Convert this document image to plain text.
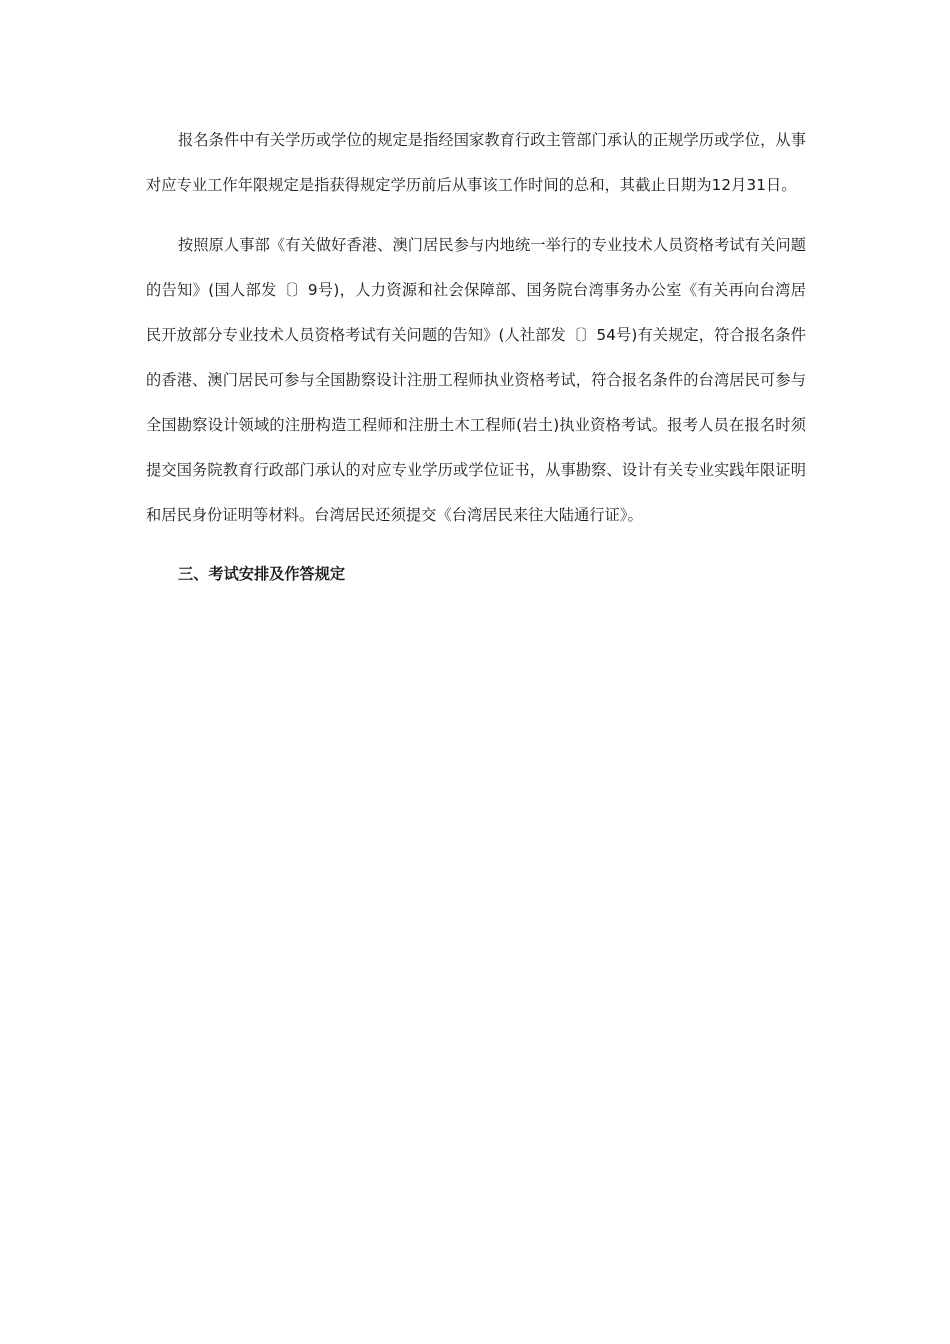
报名条件中有关学历或学位的规定是指经国家教育行政主管部门承认的正规学历或学位，从事对应专业工作年限规定是指获得规定学历前后从事该工作时间的总和，其截止日期为12月31日。

按照原人事部《有关做好香港、澳门居民参与内地统一举行的专业技术人员资格考试有关问题的告知》(国人部发〔〕9号)，人力资源和社会保障部、国务院台湾事务办公室《有关再向台湾居民开放部分专业技术人员资格考试有关问题的告知》(人社部发〔〕54号)有关规定，符合报名条件的香港、澳门居民可参与全国勘察设计注册工程师执业资格考试，符合报名条件的台湾居民可参与全国勘察设计领域的注册构造工程师和注册土木工程师(岩土)执业资格考试。报考人员在报名时须提交国务院教育行政部门承认的对应专业学历或学位证书，从事勘察、设计有关专业实践年限证明和居民身份证明等材料。台湾居民还须提交《台湾居民来往大陆通行证》。

三、考试安排及作答规定
